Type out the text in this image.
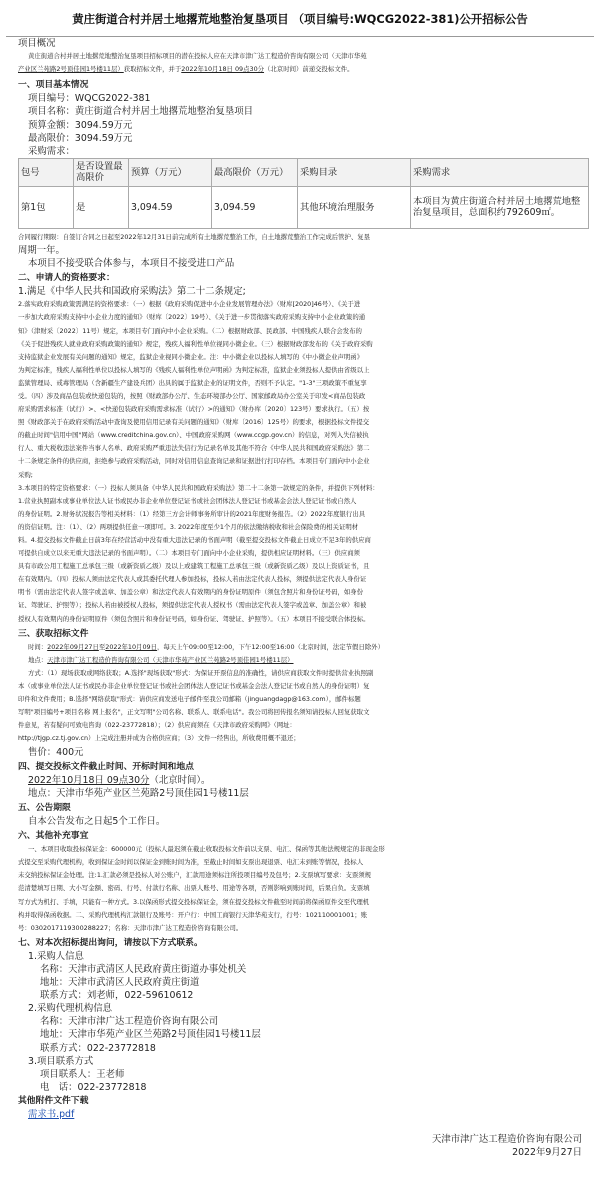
黄庄街道合村并居土地撂荒地整治复垦项目 （项目编号:WQCG2022-381)公开招标公告
项目概况
黄庄街道合村并居土地撂荒地整治复垦项目招标项目的潜在投标人应在天津市津广达工程造价咨询有限公司（天津市华苑
产业区兰苑路2号顶佳园1号楼11层）获取招标文件，并于2022年10月18日 09点30分（北京时间）前递交投标文件。
一、项目基本情况
项目编号：WQCG2022-381
项目名称：黄庄街道合村并居土地撂荒地整治复垦项目
预算金额：3094.59万元
最高限价：3094.59万元
采购需求：
包号	是否设置最高限价	预算（万元）	最高限价（万元）	采购目录	采购需求
第1包	是	3,094.59	3,094.59	其他环境治理服务	本项目为黄庄街道合村并居土地撂荒地整治复垦项目，总面积约792609㎡。
合同履行期限：自签订合同之日起至2022年12月31日前完成所有土地撂荒整治工作，自土地撂荒整治工作完成后管护、复垦
周期一年。
本项目不接受联合体参与，本项目不接受进口产品
二、申请人的资格要求：
1.满足《中华人民共和国政府采购法》第二十二条规定;
2.落实政府采购政策需满足的资格要求：（一）根据《政府采购促进中小企业发展管理办法》（财库[2020]46号）、《关于进
一步加大政府采购支持中小企业力度的通知》（财库〔2022〕19号）、《关于进一步贯彻落实政府采购支持中小企业政策的通
知》（津财采〔2022〕11号）规定，本项目专门面向中小企业采购。（二）根据财政部、民政部、中国残疾人联合会发布的
《关于促进残疾人就业政府采购政策的通知》规定，残疾人福利性单位视同小微企业。（三）根据财政部发布的《关于政府采购
支持监狱企业发展有关问题的通知》规定，监狱企业视同小微企业。注：中小微企业以投标人填写的《中小微企业声明函》
为判定标准，残疾人福利性单位以投标人填写的《残疾人福利性单位声明函》为判定标准，监狱企业须投标人提供由省级以上
监狱管理局、戒毒管理局（含新疆生产建设兵团）出具的属于监狱企业的证明文件，否则不予认定。"1-3"三项政策不重复享
受。（四）涉及商品包装或快递包装的，按照《财政部办公厅、生态环境部办公厅、国家邮政局办公室关于印发<商品包装政
府采购需求标准（试行）>、<快递包装政府采购需求标准（试行）>的通知》（财办库〔2020〕123号）要求执行。（五）按
照《财政部关于在政府采购活动中查询及使用信用记录有关问题的通知》（财库〔2016〕125号）的要求，根据投标文件提交
的截止时间"信用中国"网站（www.creditchina.gov.cn）、中国政府采购网（www.ccgp.gov.cn）的信息，对列入失信被执
行人、重大税收违法案件当事人名单、政府采购严重违法失信行为记录名单及其他不符合《中华人民共和国政府采购法》第二
十二条规定条件的供应商，拒绝参与政府采购活动，同时对信用信息查询记录和证据进行打印存档。本项目专门面向中小企业
采购;
3.本项目的特定资格要求：（一）投标人须具备《中华人民共和国政府采购法》第二十二条第一款规定的条件，并提供下列材料：
1.营业执照副本或事业单位法人证书或民办非企业单位登记证书或社会团体法人登记证书或基金会法人登记证书或自然人
的身份证明。2.财务状况报告等相关材料：（1）经第三方会计师事务所审计的2021年度财务报告。（2）2022年度银行出具
的资信证明。注：（1）、（2）两项提供任意一项即可。3. 2022年度至少1个月的依法缴纳税收和社会保险费的相关证明材
料。4.提交投标文件截止日前3年在经营活动中没有重大违法记录的书面声明（截至提交投标文件截止日成立不足3年的供应商
可提供自成立以来无重大违法记录的书面声明）。（二）本项目专门面向中小企业采购，提供相应证明材料。（三）供应商须
具有市政公用工程施工总承包三级（或新资质乙级）及以上或建筑工程施工总承包三级（或新资质乙级）及以上资质证书，且
在有效期内。（四）投标人须由法定代表人或其委托代理人参加投标，投标人若由法定代表人投标，须提供法定代表人身份证
明书（需由法定代表人签字或盖章、加盖公章）和法定代表人有效期内的身份证明原件（须包含照片和身份证号码，如身份
证、驾驶证、护照等）；投标人若由被授权人投标，须提供法定代表人授权书（需由法定代表人签字或盖章、加盖公章）和被
授权人有效期内的身份证明原件（须包含照片和身份证号码，如身份证、驾驶证、护照等）。（五）本项目不接受联合体投标。
三、获取招标文件
时间：2022年09月27日至2022年10月09日，每天上午09:00至12:00，下午12:00至16:00（北京时间，法定节假日除外）
地点：天津市津广达工程造价咨询有限公司（天津市华苑产业区兰苑路2号顶佳园1号楼11层）
方式：（1）现场获取或网络获取；A.选择"现场获取"形式：为保证开票信息的准确性，请供应商获取文件时提供营业执照副
本（或事业单位法人证书或民办非企业单位登记证书或社会团体法人登记证书或基金会法人登记证书或自然人的身份证明）复
印件和文件费用；B.选择"网络获取"形式：请供应商发送电子邮件至我公司邮箱（jinguangdagp@163.com），邮件标题
写明"项目编号+项目名称 网上报名"，正文写明"公司名称、联系人、联系电话"。我公司将回传报名须知请投标人回复获取文
件意见，若有疑问可致电咨询（022-23772818）；（2）供应商须在《天津市政府采购网》（网址：
http://tjgp.cz.tj.gov.cn）上完成注册并成为合格供应商；（3）文件一经售出，所收费用概不退还；
售价：400元
四、提交投标文件截止时间、开标时间和地点
2022年10月18日 09点30分（北京时间）。
地点：天津市华苑产业区兰苑路2号顶佳园1号楼11层
五、公告期限
自本公告发布之日起5个工作日。
六、其他补充事宜
一、本项目收取投标保证金：600000元（投标人最迟须在截止收取投标文件前以支票、电汇、保函等其他法规规定的非现金形
式提交至采购代理机构，收到保证金时间以保证金到账时间为准，至截止时间如支票出现退票、电汇未到账等情况，投标人
未交纳投标保证金处理。注:1.汇款必须是投标人对公账户，汇款用途须标注所投项目编号及包号；2.支票填写要求：支票须规
范清楚填写日期、大小写金额、密码、行号、付款行名称、出票人账号、用途等各项，否则影响到账时间，后果自负。支票填
写方式为机打、手填，只能有一种方式。3.以保函形式提交投标保证金，须在提交投标文件截至时间前将保函原件交至代理机
构并取得保函收据。二、采购代理机构汇款银行及账号：开户行：中国工商银行天津华苑支行，行号：102110001001；账
号：0302017119300288227；名称：天津市津广达工程造价咨询有限公司。
七、对本次招标提出询问，请按以下方式联系。
1.采购人信息
名称：天津市武清区人民政府黄庄街道办事处机关
地址：天津市武清区人民政府黄庄街道
联系方式：刘老师，022-59610612
2.采购代理机构信息
名称：天津市津广达工程造价咨询有限公司
地址：天津市华苑产业区兰苑路2号顶佳园1号楼11层
联系方式：022-23772818
3.项目联系方式
项目联系人：王老师
电　话：022-23772818
其他附件文件下载
需求书.pdf
天津市津广达工程造价咨询有限公司
2022年9月27日
